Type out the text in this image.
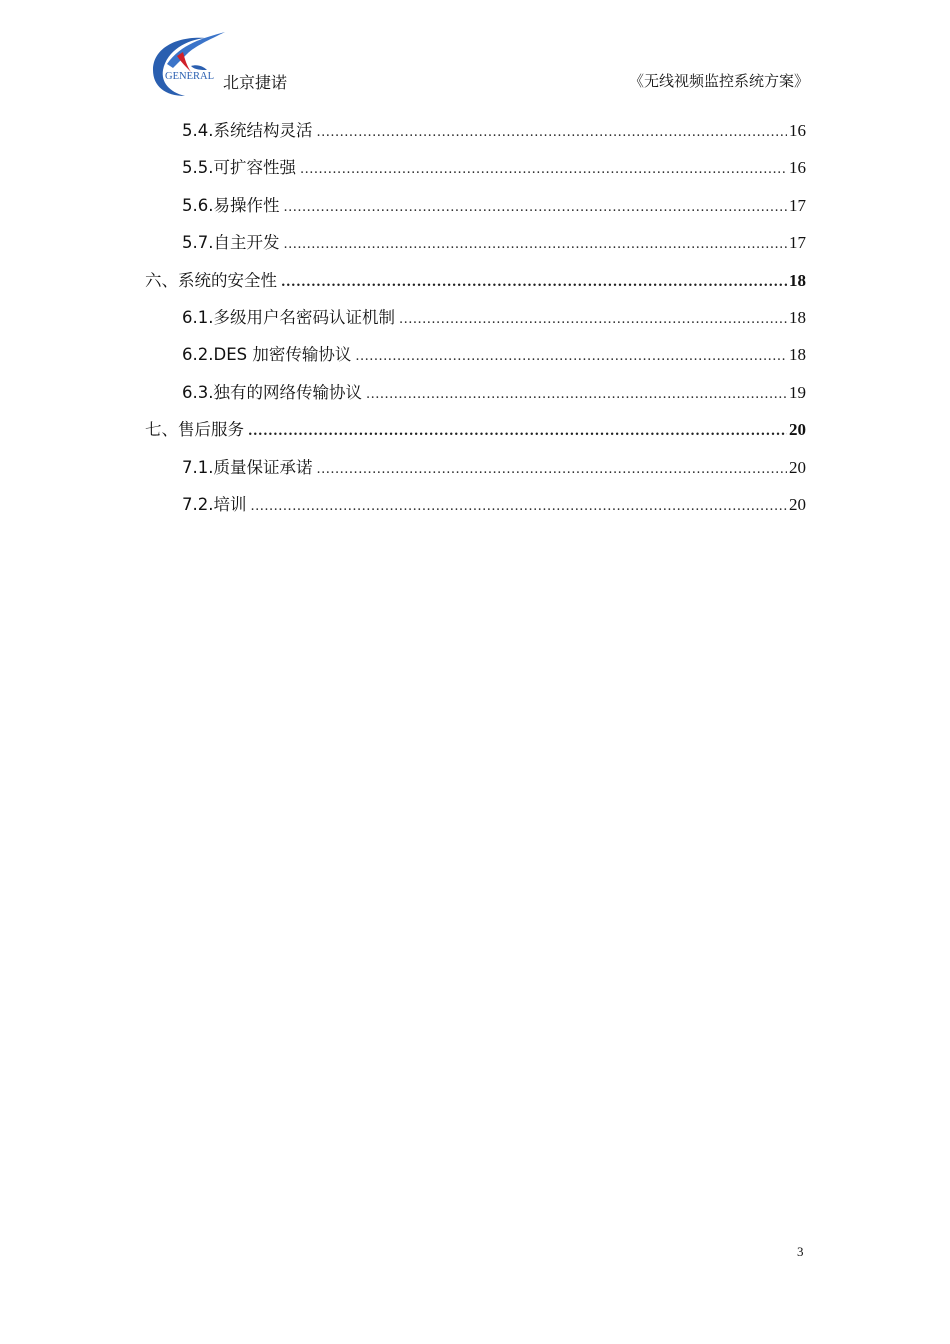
GENERAL 北京捷诺	《无线视频监控系统方案》
5.4.系统结构灵活 .....	16
5.5.可扩容性强 .....	16
5.6.易操作性 .....	17
5.7.自主开发 .....	17
六、系统的安全性 .....	18
6.1.多级用户名密码认证机制 .....	18
6.2.DES 加密传输协议 .....	18
6.3.独有的网络传输协议 .....	19
七、售后服务 .....	20
7.1.质量保证承诺 .....	20
7.2.培训 .....	20
3
